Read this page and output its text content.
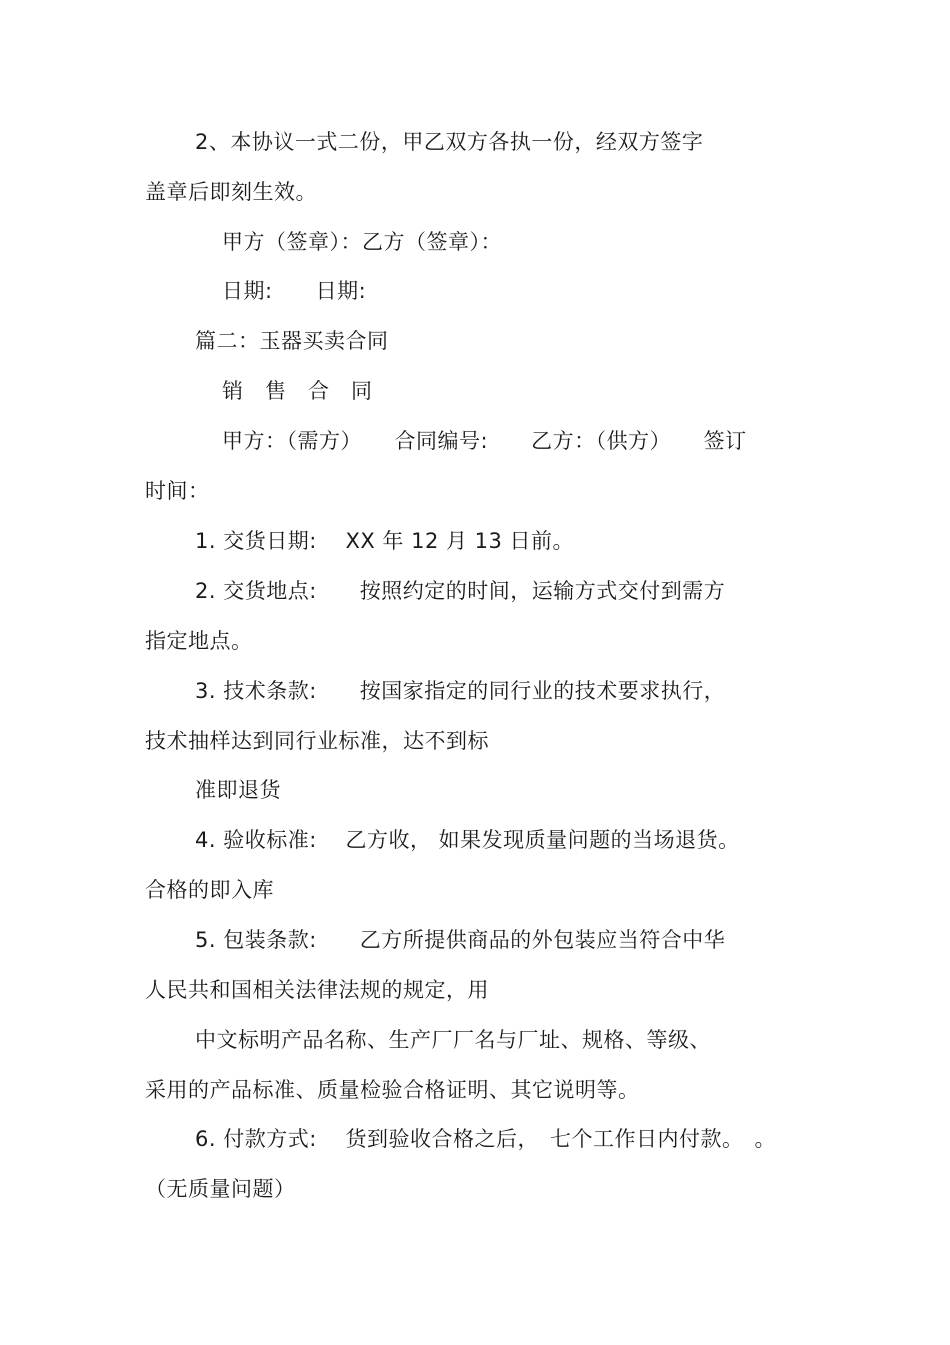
2、本协议一式二份，甲乙双方各执一份，经双方签字
盖章后即刻生效。
甲方（签章）：乙方（签章）：
日期:　　日期:
篇二：玉器买卖合同
销　售　合　同
甲方：（需方）　　合同编号:　　乙方：（供方）　　签订
时间：
1. 交货日期:　 XX 年 12 月 13 日前。
2. 交货地点:　　按照约定的时间，运输方式交付到需方
指定地点。
3. 技术条款:　　按国家指定的同行业的技术要求执行，
技术抽样达到同行业标准，达不到标
准即退货
4. 验收标准:　 乙方收， 如果发现质量问题的当场退货。
合格的即入库
5. 包装条款:　　乙方所提供商品的外包装应当符合中华
人民共和国相关法律法规的规定，用
中文标明产品名称、生产厂厂名与厂址、规格、等级、
采用的产品标准、质量检验合格证明、其它说明等。
6. 付款方式:　 货到验收合格之后，　七个工作日内付款。　。
（无质量问题）
